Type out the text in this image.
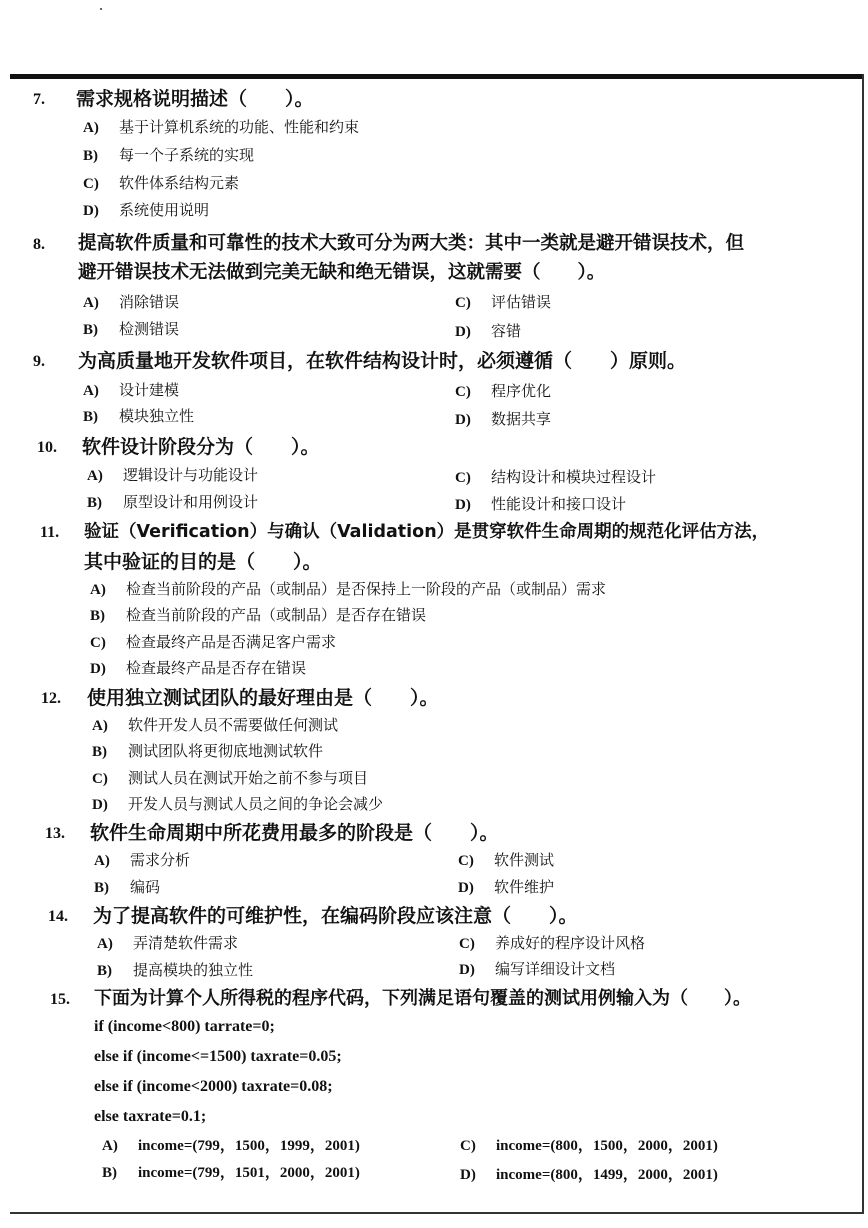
7. 需求规格说明描述（　　）。
A) 基于计算机系统的功能、性能和约束
B) 每一个子系统的实现
C) 软件体系结构元素
D) 系统使用说明
8. 提高软件质量和可靠性的技术大致可分为两大类：其中一类就是避开错误技术，但
避开错误技术无法做到完美无缺和绝无错误，这就需要（　　）。
A) 消除错误	C) 评估错误
B) 检测错误	D) 容错
9. 为高质量地开发软件项目，在软件结构设计时，必须遵循（　　）原则。
A) 设计建模	C) 程序优化
B) 模块独立性	D) 数据共享
10. 软件设计阶段分为（　　）。
A) 逻辑设计与功能设计	C) 结构设计和模块过程设计
B) 原型设计和用例设计	D) 性能设计和接口设计
11. 验证（Verification）与确认（Validation）是贯穿软件生命周期的规范化评估方法，
其中验证的目的是（　　）。
A) 检查当前阶段的产品（或制品）是否保持上一阶段的产品（或制品）需求
B) 检查当前阶段的产品（或制品）是否存在错误
C) 检查最终产品是否满足客户需求
D) 检查最终产品是否存在错误
12. 使用独立测试团队的最好理由是（　　）。
A) 软件开发人员不需要做任何测试
B) 测试团队将更彻底地测试软件
C) 测试人员在测试开始之前不参与项目
D) 开发人员与测试人员之间的争论会减少
13. 软件生命周期中所花费用最多的阶段是（　　）。
A) 需求分析	C) 软件测试
B) 编码	D) 软件维护
14. 为了提高软件的可维护性，在编码阶段应该注意（　　）。
A) 弄清楚软件需求	C) 养成好的程序设计风格
B) 提高模块的独立性	D) 编写详细设计文档
15. 下面为计算个人所得税的程序代码，下列满足语句覆盖的测试用例输入为（　　）。
if (income<800) tarrate=0;
else if (income<=1500) taxrate=0.05;
else if (income<2000) taxrate=0.08;
else taxrate=0.1;
A) income=(799，1500，1999，2001)	C) income=(800，1500，2000，2001)
B) income=(799，1501，2000，2001)	D) income=(800，1499，2000，2001)
